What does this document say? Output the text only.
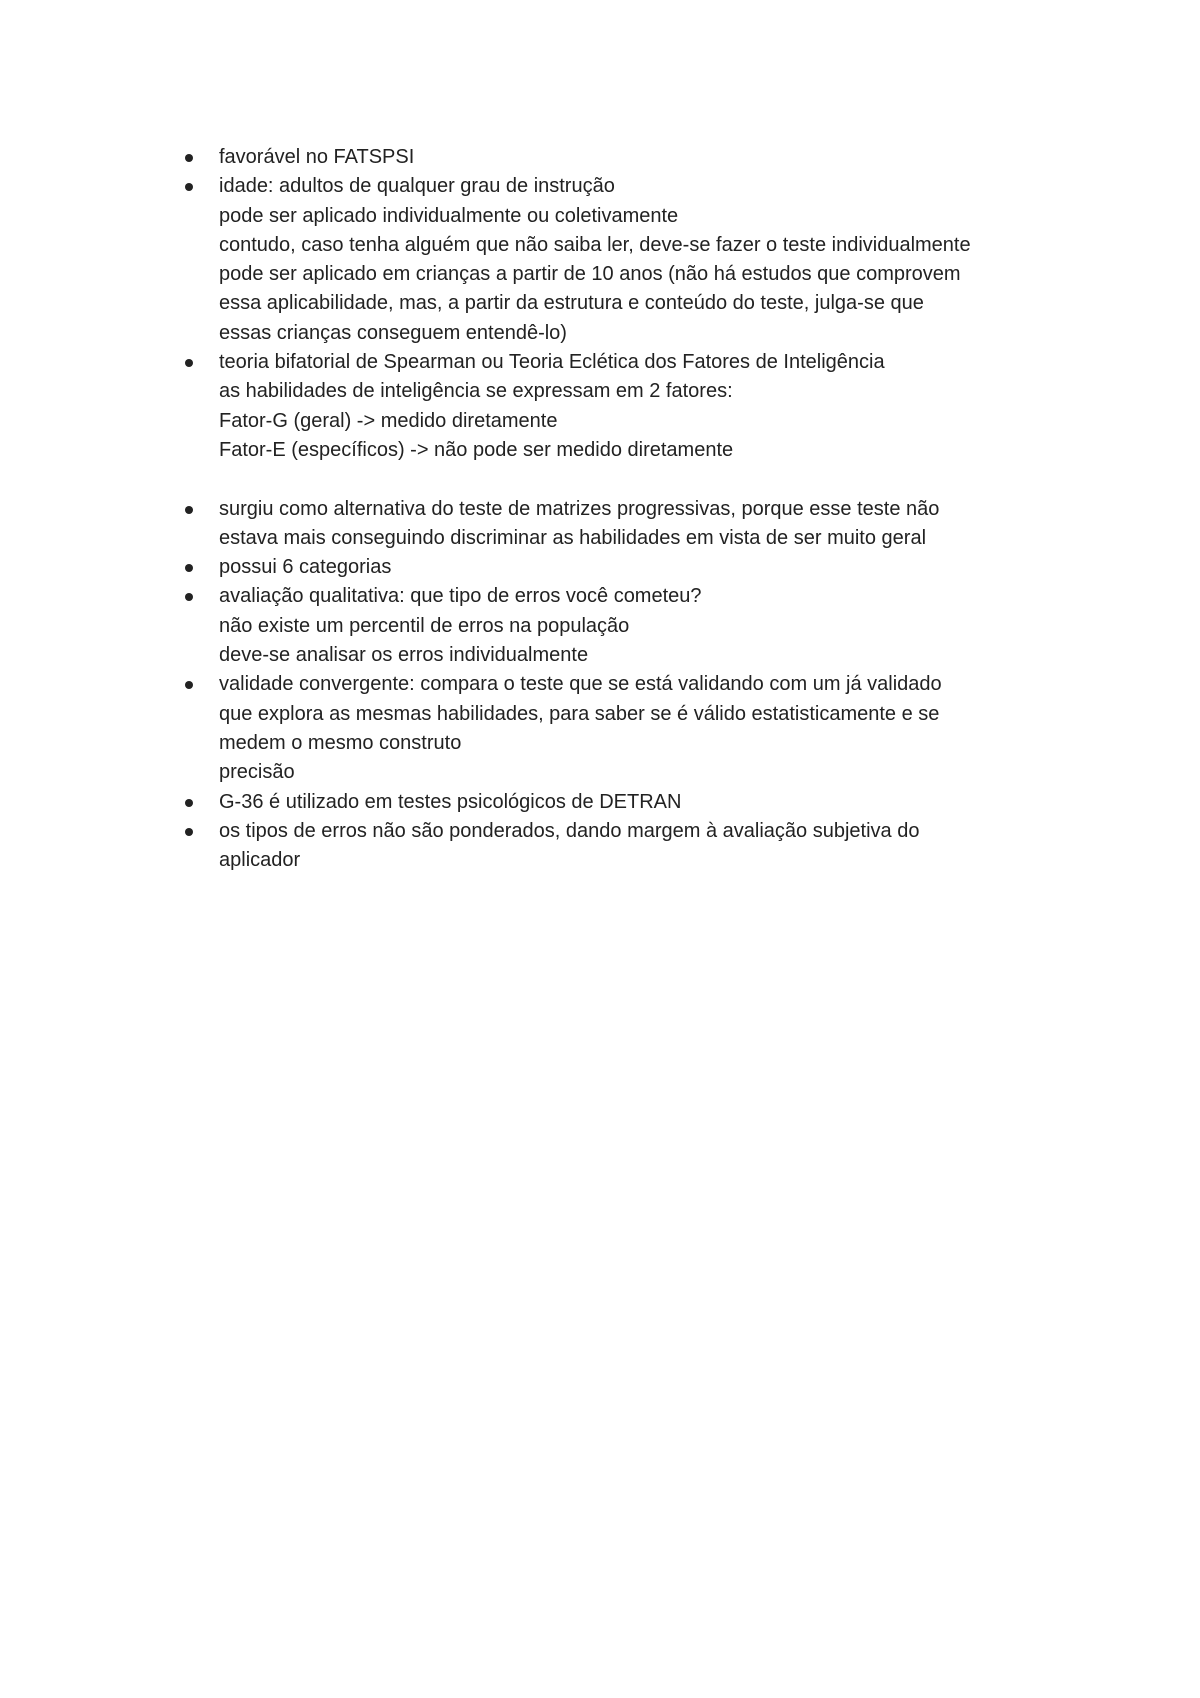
favorável no FATSPSI
idade: adultos de qualquer grau de instrução
pode ser aplicado individualmente ou coletivamente
contudo, caso tenha alguém que não saiba ler, deve-se fazer o teste individualmente
pode ser aplicado em crianças a partir de 10 anos (não há estudos que comprovem
essa aplicabilidade, mas, a partir da estrutura e conteúdo do teste, julga-se que
essas crianças conseguem entendê-lo)
teoria bifatorial de Spearman ou Teoria Eclética dos Fatores de Inteligência
as habilidades de inteligência se expressam em 2 fatores:
Fator-G (geral) -> medido diretamente
Fator-E (específicos) -> não pode ser medido diretamente
surgiu como alternativa do teste de matrizes progressivas, porque esse teste não
estava mais conseguindo discriminar as habilidades em vista de ser muito geral
possui 6 categorias
avaliação qualitativa: que tipo de erros você cometeu?
não existe um percentil de erros na população
deve-se analisar os erros individualmente
validade convergente: compara o teste que se está validando com um já validado
que explora as mesmas habilidades, para saber se é válido estatisticamente e se
medem o mesmo construto
precisão
G-36 é utilizado em testes psicológicos de DETRAN
os tipos de erros não são ponderados, dando margem à avaliação subjetiva do
aplicador
